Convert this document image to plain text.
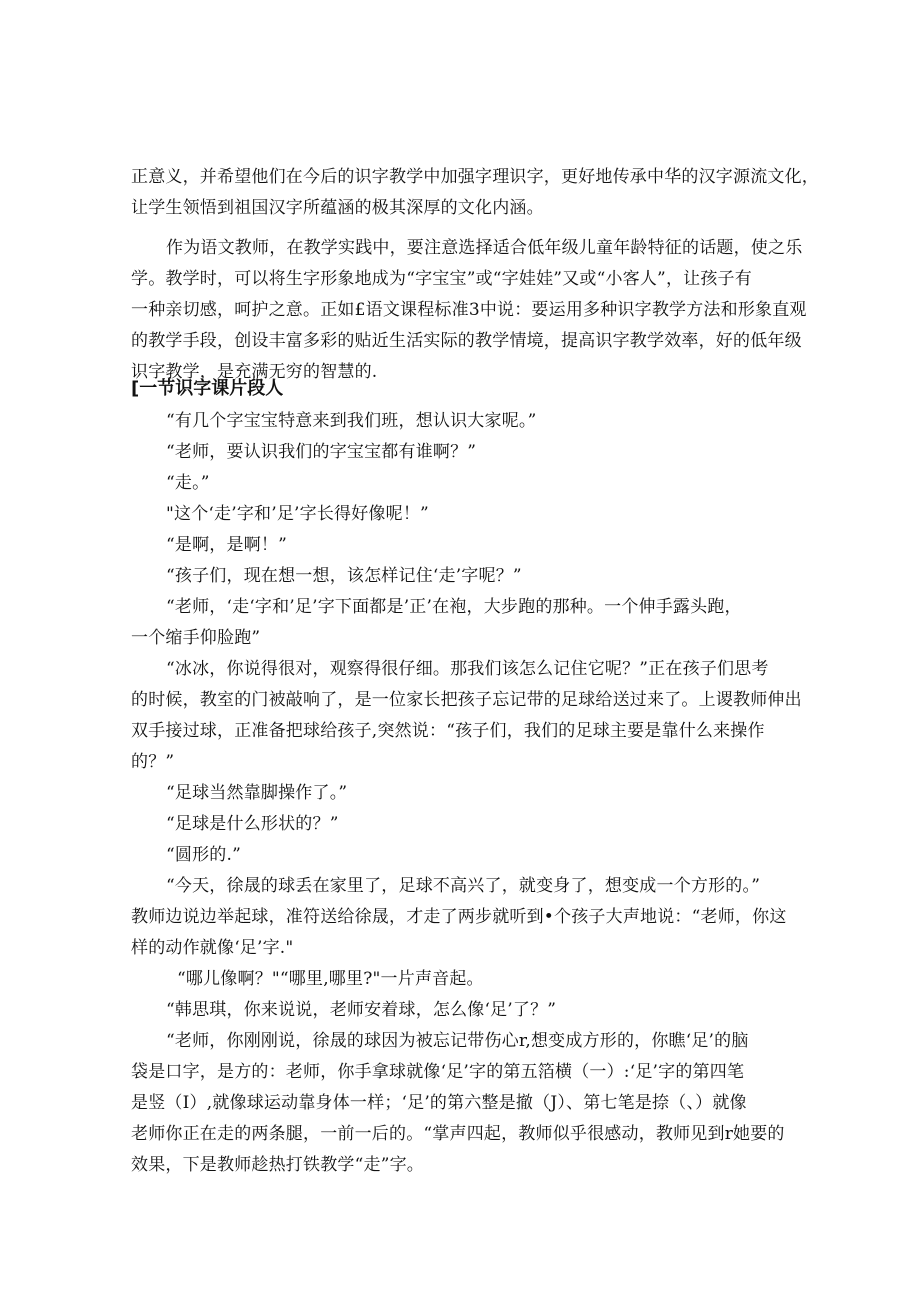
正意义，并希望他们在今后的识字教学中加强字理识字，更好地传承中华的汉字源流文化，
让学生领悟到祖国汉字所蕴涵的极其深厚的文化内涵。
作为语文教师，在教学实践中，要注意选择适合低年级儿童年龄特征的话题，使之乐
学。教学时，可以将生字形象地成为“字宝宝”或“字娃娃”又或“小客人”，让孩子有
一种亲切感，呵护之意。正如£语文课程标准3中说：要运用多种识字教学方法和形象直观
的教学手段，创设丰富多彩的贴近生活实际的教学情境，提高识字教学效率，好的低年级
识字教学，是充满无穷的智慧的.
[一节识字课片段人
“有几个字宝宝特意来到我们班，想认识大家呢。”
“老师，要认识我们的字宝宝都有谁啊？”
“走。”
"这个‘走’字和’足’字长得好像呢！”
“是啊，是啊！”
“孩子们，现在想一想，该怎样记住‘走’字呢？”
“老师，‘走‘字和’足’字下面都是’正’在袍，大步跑的那种。一个伸手露头跑，
一个缩手仰脸跑”
“冰冰，你说得很对，观察得很仔细。那我们该怎么记住它呢？”正在孩子们思考
的时候，教室的门被敲响了，是一位家长把孩子忘记带的足球给送过来了。上谡教师伸出
双手接过球，正准备把球给孩子,突然说：“孩子们，我们的足球主要是靠什么来操作
的？”
“足球当然靠脚操作了。”
“足球是什么形状的？”
“圆形的.”
“今天，徐晟的球丢在家里了，足球不高兴了，就变身了，想变成一个方形的。”
教师边说边举起球，准符送给徐晟，才走了两步就听到•个孩子大声地说：“老师，你这
样的动作就像‘足’字."
“哪儿像啊？"“哪里,哪里?"一片声音起。
“韩思琪，你来说说，老师安着球，怎么像‘足’了？”
“老师，你刚刚说，徐晟的球因为被忘记带伤心r,想变成方形的，你瞧‘足’的脑
袋是口字，是方的：老师，你手拿球就像‘足’字的第五箔横（一）:‘足’字的第四笔
是竖（I）,就像球运动靠身体一样；‘足’的第六整是撤（J）、第七笔是捺（、）就像
老师你正在走的两条腿，一前一后的。“掌声四起，教师似乎很感动，教师见到r她要的
效果，下是教师趁热打铁教学“走”字。
